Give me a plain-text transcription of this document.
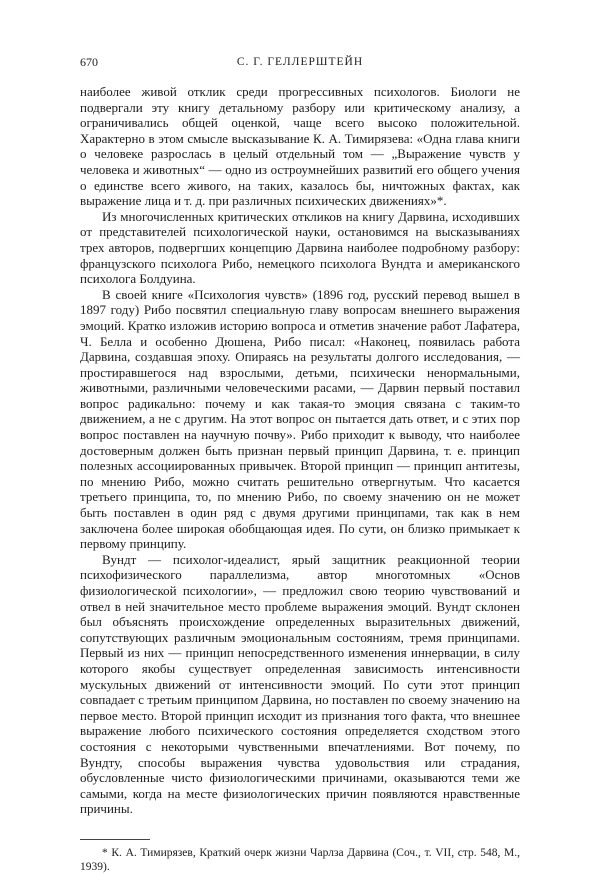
670	С. Г. ГЕЛЛЕРШТЕЙН

наиболее живой отклик среди прогрессивных психологов. Биологи не подвергали эту книгу детальному разбору или критическому анализу, а ограничивались общей оценкой, чаще всего высоко положительной. Характерно в этом смысле высказывание К. А. Тимирязева: «Одна глава книги о человеке разрослась в целый отдельный том — „Выражение чувств у человека и животных“ — одно из остроумнейших развитий его общего учения о единстве всего живого, на таких, казалось бы, ничтожных фактах, как выражение лица и т. д. при различных психических движениях»*.

Из многочисленных критических откликов на книгу Дарвина, исходивших от представителей психологической науки, остановимся на высказываниях трех авторов, подвергших концепцию Дарвина наиболее подробному разбору: французского психолога Рибо, немецкого психолога Вундта и американского психолога Болдуина.

В своей книге «Психология чувств» (1896 год, русский перевод вышел в 1897 году) Рибо посвятил специальную главу вопросам внешнего выражения эмоций. Кратко изложив историю вопроса и отметив значение работ Лафатера, Ч. Белла и особенно Дюшена, Рибо писал: «Наконец, появилась работа Дарвина, создавшая эпоху. Опираясь на результаты долгого исследования, — простиравшегося над взрослыми, детьми, психически ненормальными, животными, различными человеческими расами, — Дарвин первый поставил вопрос радикально: почему и как такая-то эмоция связана с таким-то движением, а не с другим. На этот вопрос он пытается дать ответ, и с этих пор вопрос поставлен на научную почву». Рибо приходит к выводу, что наиболее достоверным должен быть признан первый принцип Дарвина, т. е. принцип полезных ассоциированных привычек. Второй принцип — принцип антитезы, по мнению Рибо, можно считать решительно отвергнутым. Что касается третьего принципа, то, по мнению Рибо, по своему значению он не может быть поставлен в один ряд с двумя другими принципами, так как в нем заключена более широкая обобщающая идея. По сути, он близко примыкает к первому принципу.

Вундт — психолог-идеалист, ярый защитник реакционной теории психофизического параллелизма, автор многотомных «Основ физиологической психологии», — предложил свою теорию чувствований и отвел в ней значительное место проблеме выражения эмоций. Вундт склонен был объяснять происхождение определенных выразительных движений, сопутствующих различным эмоциональным состояниям, тремя принципами. Первый из них — принцип непосредственного изменения иннервации, в силу которого якобы существует определенная зависимость интенсивности мускульных движений от интенсивности эмоций. По сути этот принцип совпадает с третьим принципом Дарвина, но поставлен по своему значению на первое место. Второй принцип исходит из признания того факта, что внешнее выражение любого психического состояния определяется сходством этого состояния с некоторыми чувственными впечатлениями. Вот почему, по Вундту, способы выражения чувства удовольствия или страдания, обусловленные чисто физиологическими причинами, оказываются теми же самыми, когда на месте физиологических причин появляются нравственные причины.

* К. А. Тимирязев, Краткий очерк жизни Чарлза Дарвина (Соч., т. VII, стр. 548, М., 1939).
